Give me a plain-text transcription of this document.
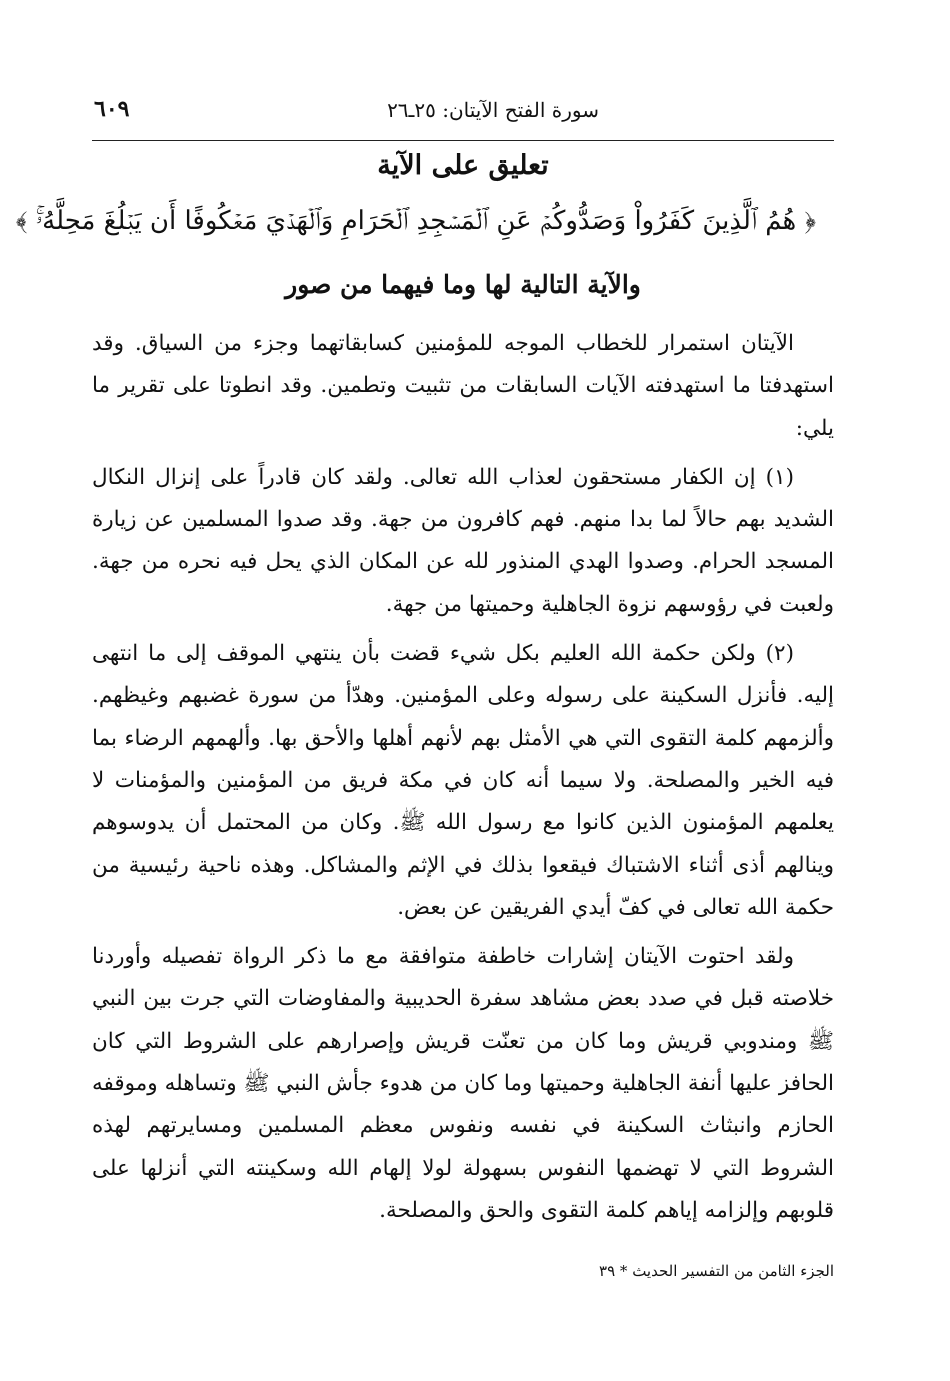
سورة الفتح الآيتان: ٢٥ـ٢٦
٦٠٩
تعليق على الآية
﴿ هُمُ ٱلَّذِينَ كَفَرُواْ وَصَدُّوكُمۡ عَنِ ٱلۡمَسۡجِدِ ٱلۡحَرَامِ وَٱلۡهَدۡيَ مَعۡكُوفًا أَن يَبۡلُغَ مَحِلَّهُۥۚ ﴾
والآية التالية لها وما فيهما من صور

الآيتان استمرار للخطاب الموجه للمؤمنين كسابقاتهما وجزء من السياق. وقد استهدفتا ما استهدفته الآيات السابقات من تثبيت وتطمين. وقد انطوتا على تقرير ما يلي:

(١) إن الكفار مستحقون لعذاب الله تعالى. ولقد كان قادراً على إنزال النكال الشديد بهم حالاً لما بدا منهم. فهم كافرون من جهة. وقد صدوا المسلمين عن زيارة المسجد الحرام. وصدوا الهدي المنذور لله عن المكان الذي يحل فيه نحره من جهة. ولعبت في رؤوسهم نزوة الجاهلية وحميتها من جهة.

(٢) ولكن حكمة الله العليم بكل شيء قضت بأن ينتهي الموقف إلى ما انتهى إليه. فأنزل السكينة على رسوله وعلى المؤمنين. وهدّأ من سورة غضبهم وغيظهم. وألزمهم كلمة التقوى التي هي الأمثل بهم لأنهم أهلها والأحق بها. وألهمهم الرضاء بما فيه الخير والمصلحة. ولا سيما أنه كان في مكة فريق من المؤمنين والمؤمنات لا يعلمهم المؤمنون الذين كانوا مع رسول الله ﷺ. وكان من المحتمل أن يدوسوهم وينالهم أذى أثناء الاشتباك فيقعوا بذلك في الإثم والمشاكل. وهذه ناحية رئيسية من حكمة الله تعالى في كفّ أيدي الفريقين عن بعض.

ولقد احتوت الآيتان إشارات خاطفة متوافقة مع ما ذكر الرواة تفصيله وأوردنا خلاصته قبل في صدد بعض مشاهد سفرة الحديبية والمفاوضات التي جرت بين النبي ﷺ ومندوبي قريش وما كان من تعنّت قريش وإصرارهم على الشروط التي كان الحافز عليها أنفة الجاهلية وحميتها وما كان من هدوء جأش النبي ﷺ وتساهله وموقفه الحازم وانبثاث السكينة في نفسه ونفوس معظم المسلمين ومسايرتهم لهذه الشروط التي لا تهضمها النفوس بسهولة لولا إلهام الله وسكينته التي أنزلها على قلوبهم وإلزامه إياهم كلمة التقوى والحق والمصلحة.

الجزء الثامن من التفسير الحديث * ٣٩
